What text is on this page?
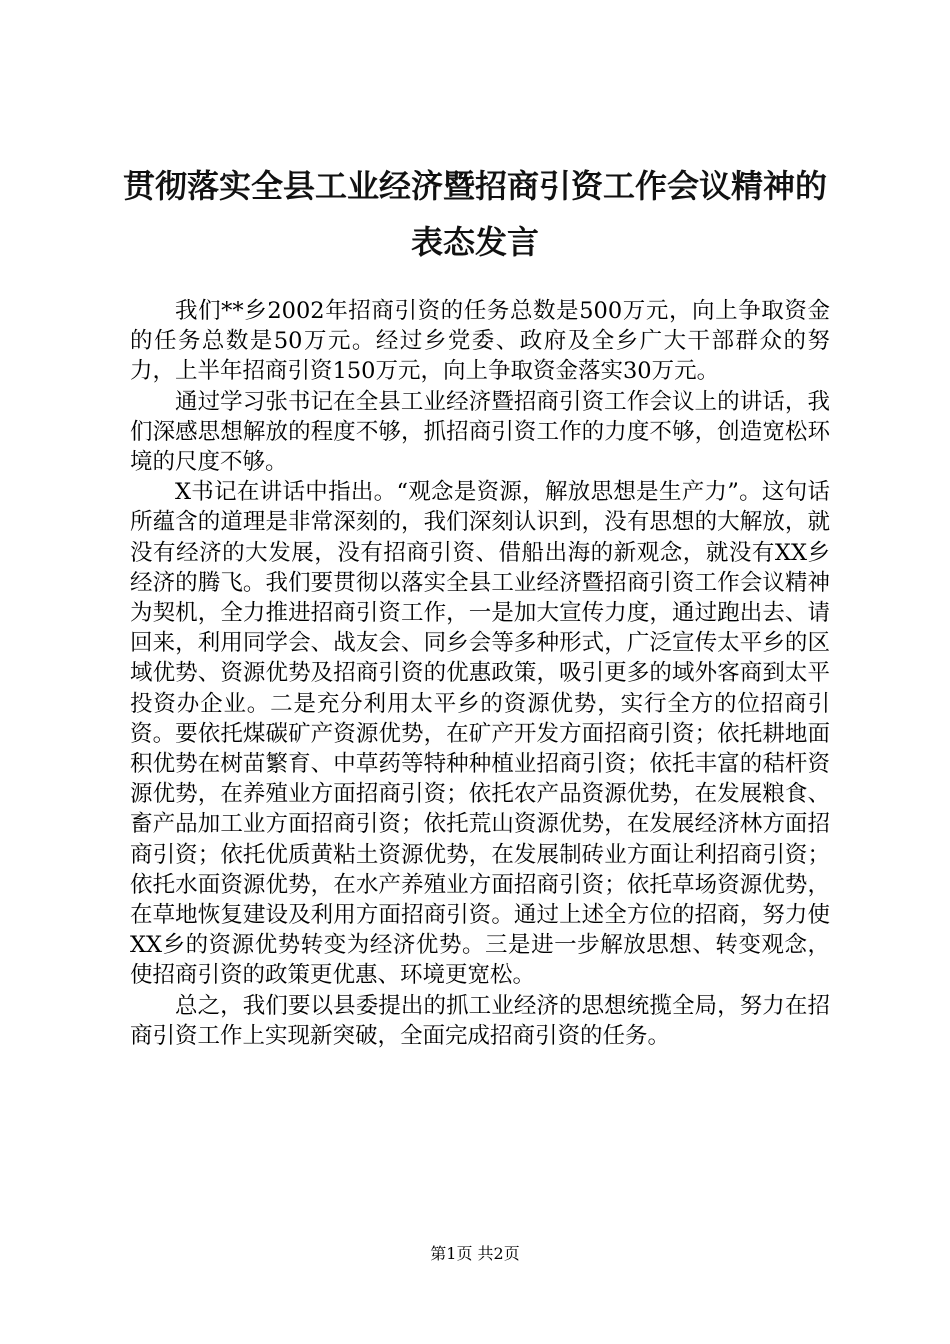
贯彻落实全县工业经济暨招商引资工作会议精神的表态发言

我们**乡2002年招商引资的任务总数是500万元，向上争取资金的任务总数是50万元。经过乡党委、政府及全乡广大干部群众的努力，上半年招商引资150万元，向上争取资金落实30万元。

通过学习张书记在全县工业经济暨招商引资工作会议上的讲话，我们深感思想解放的程度不够，抓招商引资工作的力度不够，创造宽松环境的尺度不够。

X书记在讲话中指出。“观念是资源，解放思想是生产力”。这句话所蕴含的道理是非常深刻的，我们深刻认识到，没有思想的大解放，就没有经济的大发展，没有招商引资、借船出海的新观念，就没有XX乡经济的腾飞。我们要贯彻以落实全县工业经济暨招商引资工作会议精神为契机，全力推进招商引资工作，一是加大宣传力度，通过跑出去、请回来，利用同学会、战友会、同乡会等多种形式，广泛宣传太平乡的区域优势、资源优势及招商引资的优惠政策，吸引更多的域外客商到太平投资办企业。二是充分利用太平乡的资源优势，实行全方的位招商引资。要依托煤碳矿产资源优势，在矿产开发方面招商引资；依托耕地面积优势在树苗繁育、中草药等特种种植业招商引资；依托丰富的秸杆资源优势，在养殖业方面招商引资；依托农产品资源优势，在发展粮食、畜产品加工业方面招商引资；依托荒山资源优势，在发展经济林方面招商引资；依托优质黄粘土资源优势，在发展制砖业方面让利招商引资；依托水面资源优势，在水产养殖业方面招商引资；依托草场资源优势，在草地恢复建设及利用方面招商引资。通过上述全方位的招商，努力使XX乡的资源优势转变为经济优势。三是进一步解放思想、转变观念，使招商引资的政策更优惠、环境更宽松。

总之，我们要以县委提出的抓工业经济的思想统揽全局，努力在招商引资工作上实现新突破，全面完成招商引资的任务。

第1页 共2页
